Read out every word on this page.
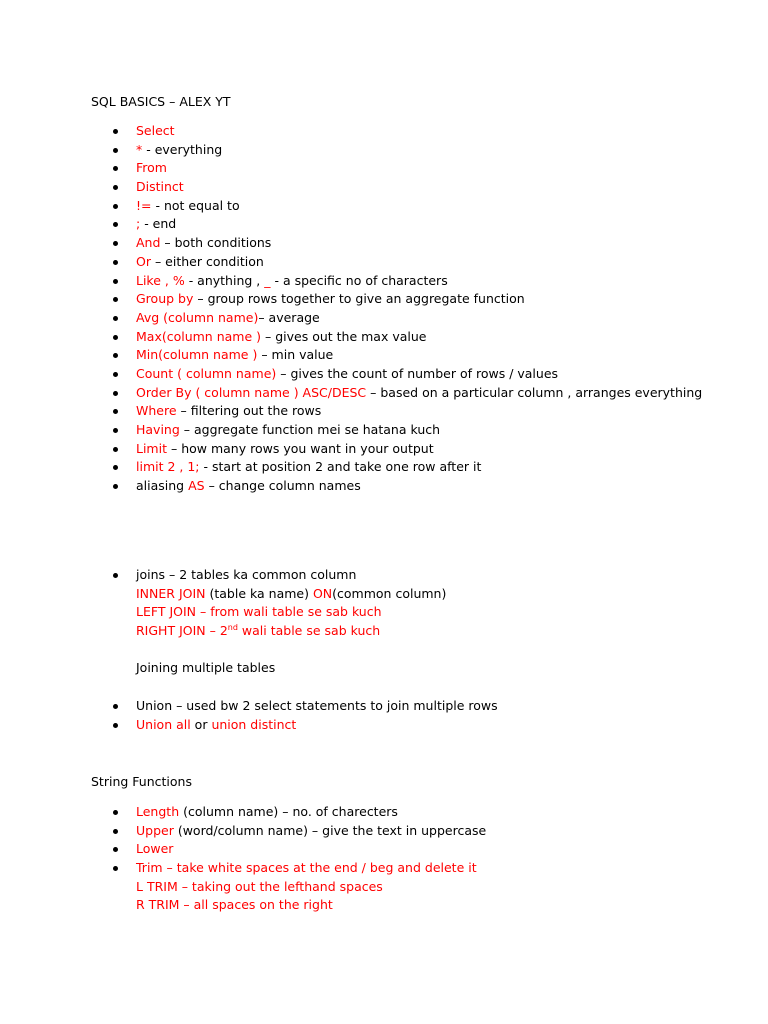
SQL BASICS – ALEX YT
Select
* - everything
From
Distinct
!= - not equal to
; - end
And – both conditions
Or – either condition
Like , % - anything , _ - a specific no of characters
Group by – group rows together to give an aggregate function
Avg (column name)– average
Max(column name ) – gives out the max value
Min(column name ) – min value
Count ( column name) – gives the count of number of rows / values
Order By ( column name ) ASC/DESC – based on a particular column , arranges everything
Where – filtering out the rows
Having – aggregate function mei se hatana kuch
Limit – how many rows you want in your output
limit 2 , 1; - start at position 2 and take one row after it
aliasing AS – change column names
joins – 2 tables ka common column
INNER JOIN (table ka name) ON(common column)
LEFT JOIN – from wali table se sab kuch
RIGHT JOIN – 2nd wali table se sab kuch
Joining multiple tables
Union – used bw 2 select statements to join multiple rows
Union all or union distinct
String Functions
Length (column name) – no. of charecters
Upper (word/column name) – give the text in uppercase
Lower
Trim – take white spaces at the end / beg and delete it
L TRIM – taking out the lefthand spaces
R TRIM – all spaces on the right
